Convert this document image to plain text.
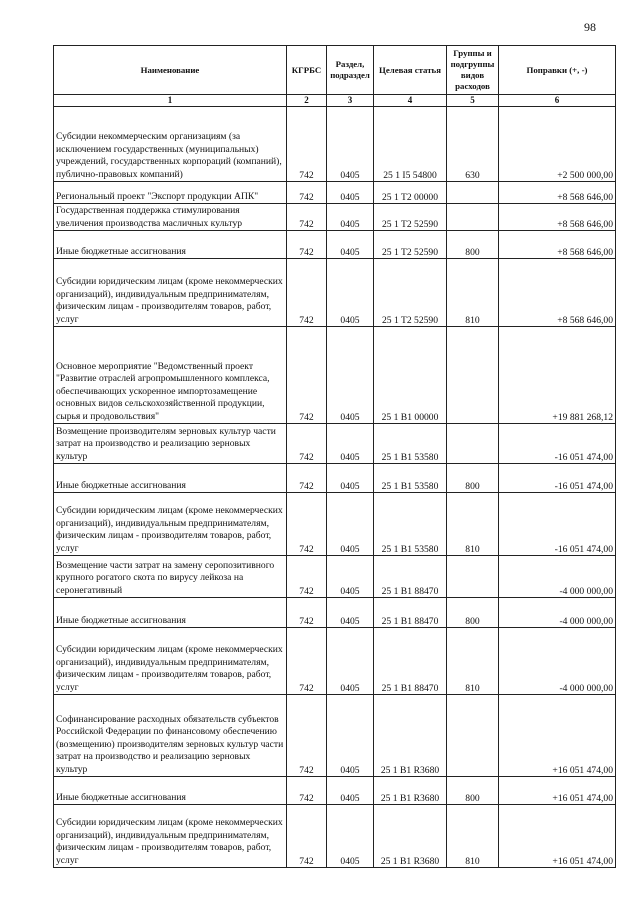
98
Наименование	КГРБС	Раздел, подраздел	Целевая статья	Группы и подгруппы видов расходов	Поправки (+, -)
1	2	3	4	5	6
Субсидии некоммерческим организациям (за исключением государственных (муниципальных) учреждений, государственных корпораций (компаний), публично-правовых компаний)	742	0405	25 1 I5 54800	630	+2 500 000,00
Региональный проект "Экспорт продукции АПК"	742	0405	25 1 T2 00000		+8 568 646,00
Государственная поддержка стимулирования увеличения производства масличных культур	742	0405	25 1 T2 52590		+8 568 646,00
Иные бюджетные ассигнования	742	0405	25 1 T2 52590	800	+8 568 646,00
Субсидии юридическим лицам (кроме некоммерческих организаций), индивидуальным предпринимателям, физическим лицам - производителям товаров, работ, услуг	742	0405	25 1 T2 52590	810	+8 568 646,00
Основное мероприятие "Ведомственный проект "Развитие отраслей агропромышленного комплекса, обеспечивающих ускоренное импортозамещение основных видов сельскохозяйственной продукции, сырья и продовольствия"	742	0405	25 1 B1 00000		+19 881 268,12
Возмещение производителям зерновых культур части затрат на производство и реализацию зерновых культур	742	0405	25 1 B1 53580		-16 051 474,00
Иные бюджетные ассигнования	742	0405	25 1 B1 53580	800	-16 051 474,00
Субсидии юридическим лицам (кроме некоммерческих организаций), индивидуальным предпринимателям, физическим лицам - производителям товаров, работ, услуг	742	0405	25 1 B1 53580	810	-16 051 474,00
Возмещение части затрат на замену серопозитивного крупного рогатого скота по вирусу лейкоза на серонегативный	742	0405	25 1 B1 88470		-4 000 000,00
Иные бюджетные ассигнования	742	0405	25 1 B1 88470	800	-4 000 000,00
Субсидии юридическим лицам (кроме некоммерческих организаций), индивидуальным предпринимателям, физическим лицам - производителям товаров, работ, услуг	742	0405	25 1 B1 88470	810	-4 000 000,00
Софинансирование расходных обязательств субъектов Российской Федерации по финансовому обеспечению (возмещению) производителям зерновых культур части затрат на производство и реализацию зерновых культур	742	0405	25 1 B1 R3680		+16 051 474,00
Иные бюджетные ассигнования	742	0405	25 1 B1 R3680	800	+16 051 474,00
Субсидии юридическим лицам (кроме некоммерческих организаций), индивидуальным предпринимателям, физическим лицам - производителям товаров, работ, услуг	742	0405	25 1 B1 R3680	810	+16 051 474,00
